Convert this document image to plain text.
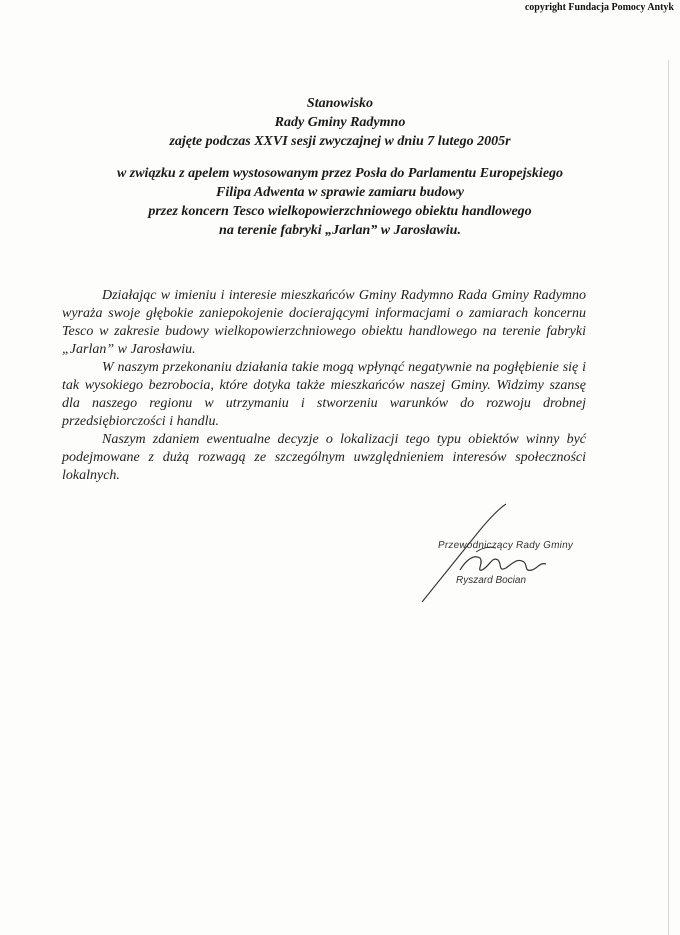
copyright Fundacja Pomocy Antyk
Stanowisko
Rady Gminy Radymno
zajęte podczas XXVI sesji zwyczajnej w dniu 7 lutego 2005r
w związku z apelem wystosowanym przez Posła do Parlamentu Europejskiego
Filipa Adwenta w sprawie zamiaru budowy
przez koncern Tesco wielkopowierzchniowego obiektu handlowego
na terenie fabryki „Jarlan” w Jarosławiu.

Działając w imieniu i interesie mieszkańców Gminy Radymno Rada Gminy Radymno wyraża swoje głębokie zaniepokojenie docierającymi informacjami o zamiarach koncernu Tesco w zakresie budowy wielkopowierzchniowego obiektu handlowego na terenie fabryki „Jarlan” w Jarosławiu.

W naszym przekonaniu działania takie mogą wpłynąć negatywnie na pogłębienie się i tak wysokiego bezrobocia, które dotyka także mieszkańców naszej Gminy. Widzimy szansę dla naszego regionu w utrzymaniu i stworzeniu warunków do rozwoju drobnej przedsiębiorczości i handlu.

Naszym zdaniem ewentualne decyzje o lokalizacji tego typu obiektów winny być podejmowane z dużą rozwagą ze szczególnym uwzględnieniem interesów społeczności lokalnych.

Przewodniczący Rady Gminy
Ryszard Bocian
